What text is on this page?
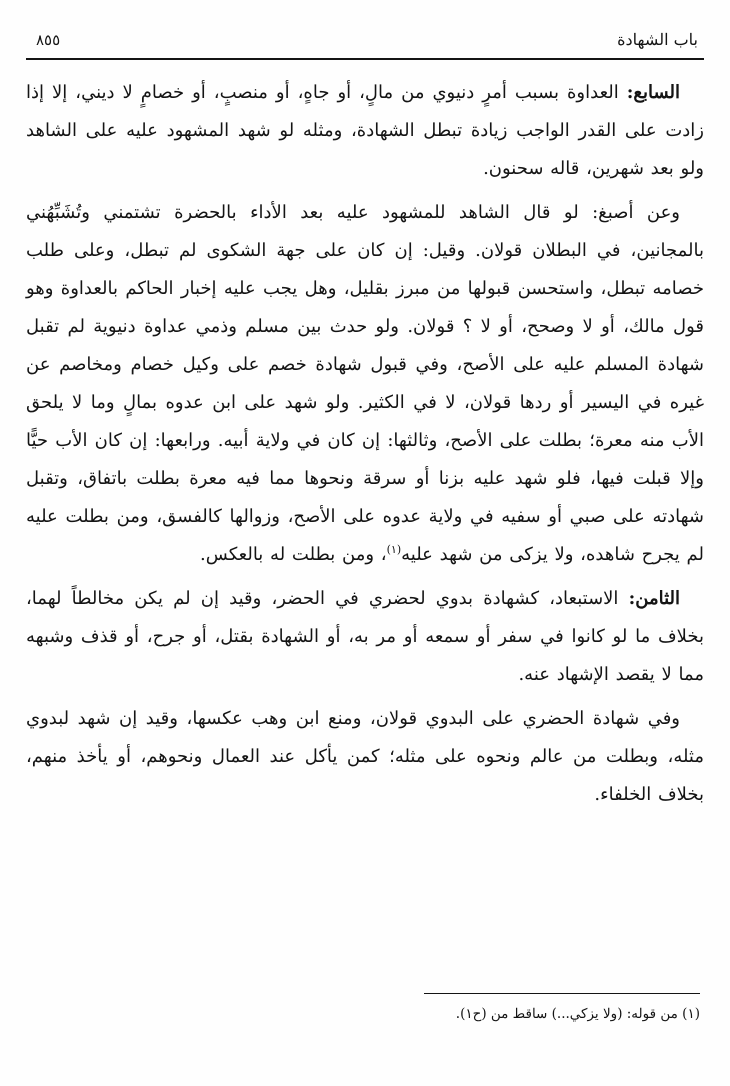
باب الشهادة
٨٥٥

السابع: العداوة بسبب أمرٍ دنيوي من مالٍ، أو جاهٍ، أو منصبٍ، أو خصامٍ لا ديني، إلا إذا زادت على القدر الواجب زيادة تبطل الشهادة، ومثله لو شهد المشهود عليه على الشاهد ولو بعد شهرين، قاله سحنون.

وعن أصبغ: لو قال الشاهد للمشهود عليه بعد الأداء بالحضرة تشتمني وتُشَبِّهُني بالمجانين، في البطلان قولان. وقيل: إن كان على جهة الشكوى لم تبطل، وعلى طلب خصامه تبطل، واستحسن قبولها من مبرز بقليل، وهل يجب عليه إخبار الحاكم بالعداوة وهو قول مالك، أو لا وصحح، أو لا ؟ قولان. ولو حدث بين مسلم وذمي عداوة دنيوية لم تقبل شهادة المسلم عليه على الأصح، وفي قبول شهادة خصم على وكيل خصام ومخاصم عن غيره في اليسير أو ردها قولان، لا في الكثير. ولو شهد على ابن عدوه بمالٍ وما لا يلحق الأب منه معرة؛ بطلت على الأصح، وثالثها: إن كان في ولاية أبيه. ورابعها: إن كان الأب حيًّا وإلا قبلت فيها، فلو شهد عليه بزنا أو سرقة ونحوها مما فيه معرة بطلت باتفاق، وتقبل شهادته على صبي أو سفيه في ولاية عدوه على الأصح، وزوالها كالفسق، ومن بطلت عليه لم يجرح شاهده، ولا يزكى من شهد عليه$^{(١)}$، ومن بطلت له بالعكس.

الثامن: الاستبعاد، كشهادة بدوي لحضري في الحضر، وقيد إن لم يكن مخالطاً لهما، بخلاف ما لو كانوا في سفر أو سمعه أو مر به، أو الشهادة بقتل، أو جرح، أو قذف وشبهه مما لا يقصد الإشهاد عنه.

وفي شهادة الحضري على البدوي قولان، ومنع ابن وهب عكسها، وقيد إن شهد لبدوي مثله، وبطلت من عالم ونحوه على مثله؛ كمن يأكل عند العمال ونحوهم، أو يأخذ منهم، بخلاف الخلفاء.

(١) من قوله: (ولا يزكي...) ساقط من (ح١).
